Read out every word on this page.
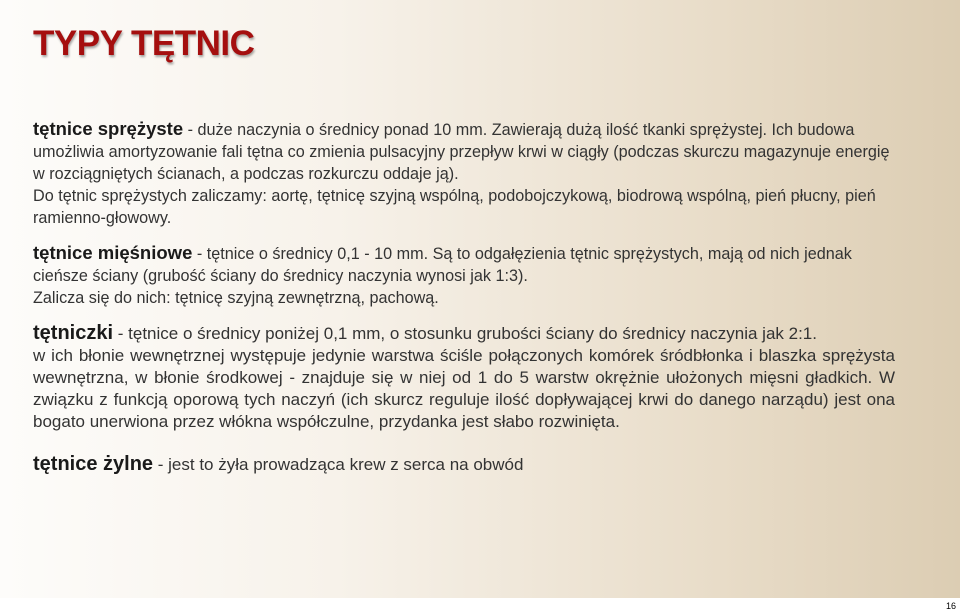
TYPY TĘTNIC

tętnice sprężyste - duże naczynia o średnicy ponad 10 mm. Zawierają dużą ilość tkanki sprężystej. Ich budowa umożliwia amortyzowanie fali tętna co zmienia pulsacyjny przepływ krwi w ciągły (podczas skurczu magazynuje energię w rozciągniętych ścianach, a podczas rozkurczu oddaje ją).

Do tętnic sprężystych zaliczamy: aortę, tętnicę szyjną wspólną, podobojczykową, biodrową wspólną, pień płucny, pień ramienno-głowowy.

tętnice mięśniowe - tętnice o średnicy 0,1 - 10 mm. Są to odgałęzienia tętnic sprężystych, mają od nich jednak cieńsze ściany (grubość ściany do średnicy naczynia wynosi jak 1:3).

Zalicza się do nich: tętnicę szyjną zewnętrzną, pachową.

tętniczki - tętnice o średnicy poniżej 0,1 mm, o stosunku grubości ściany do średnicy naczynia jak 2:1.

w ich błonie wewnętrznej występuje jedynie warstwa ściśle połączonych komórek śródbłonka i blaszka sprężysta wewnętrzna, w błonie środkowej - znajduje się w niej od 1 do 5 warstw okrężnie ułożonych mięsni gładkich. W związku z funkcją oporową tych naczyń (ich skurcz reguluje ilość dopływającej krwi do danego narządu) jest ona bogato unerwiona przez włókna współczulne, przydanka jest słabo rozwinięta.

tętnice żylne - jest to żyła prowadząca krew z serca na obwód

16
